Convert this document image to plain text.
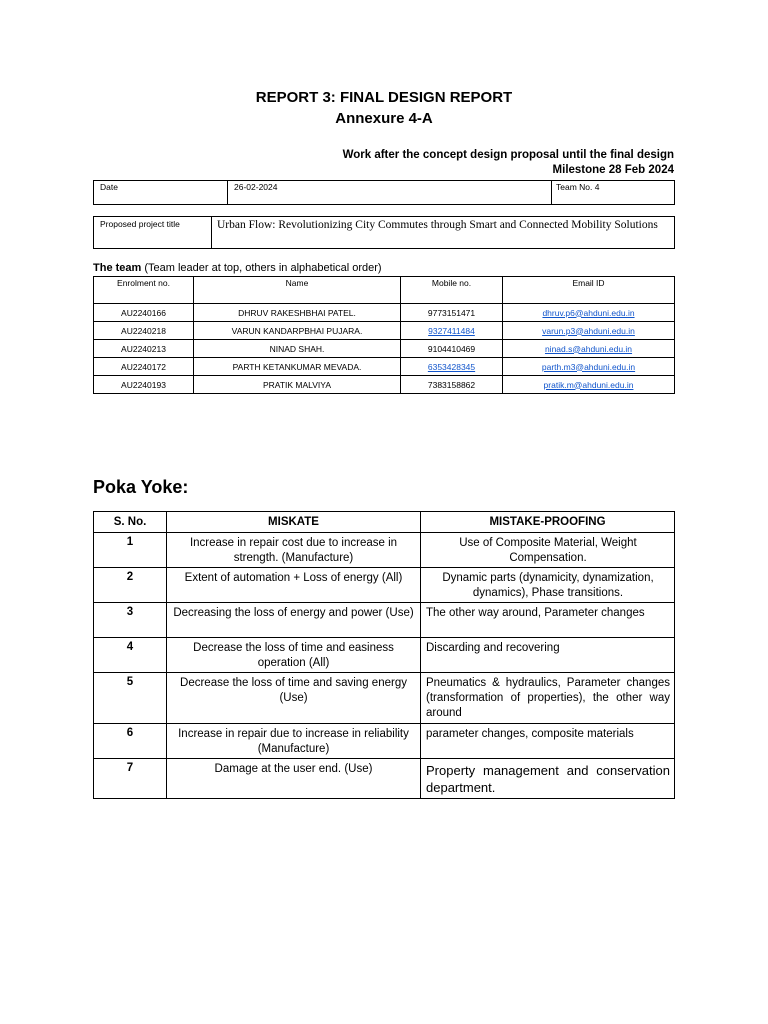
REPORT 3: FINAL DESIGN REPORT
Annexure 4-A
Work after the concept design proposal until the final design
Milestone 28 Feb 2024
Date	26-02-2024	Team No. 4
Proposed project title	Urban Flow: Revolutionizing City Commutes through Smart and Connected Mobility Solutions
The team (Team leader at top, others in alphabetical order)
Enrolment no.	Name	Mobile no.	Email ID
AU2240166	DHRUV RAKESHBHAI PATEL.	9773151471	dhruv.p6@ahduni.edu.in
AU2240218	VARUN KANDARPBHAI PUJARA.	9327411484	varun.p3@ahduni.edu.in
AU2240213	NINAD SHAH.	9104410469	ninad.s@ahduni.edu.in
AU2240172	PARTH KETANKUMAR MEVADA.	6353428345	parth.m3@ahduni.edu.in
AU2240193	PRATIK MALVIYA	7383158862	pratik.m@ahduni.edu.in
Poka Yoke:
S. No.	MISKATE	MISTAKE-PROOFING
1	Increase in repair cost due to increase in strength. (Manufacture)	Use of Composite Material, Weight Compensation.
2	Extent of automation + Loss of energy (All)	Dynamic parts (dynamicity, dynamization, dynamics), Phase transitions.
3	Decreasing the loss of energy and power (Use)	The other way around, Parameter changes
4	Decrease the loss of time and easiness operation (All)	Discarding and recovering
5	Decrease the loss of time and saving energy (Use)	Pneumatics & hydraulics, Parameter changes (transformation of properties), the other way around
6	Increase in repair due to increase in reliability (Manufacture)	parameter changes, composite materials
7	Damage at the user end. (Use)	Property management and conservation department.
